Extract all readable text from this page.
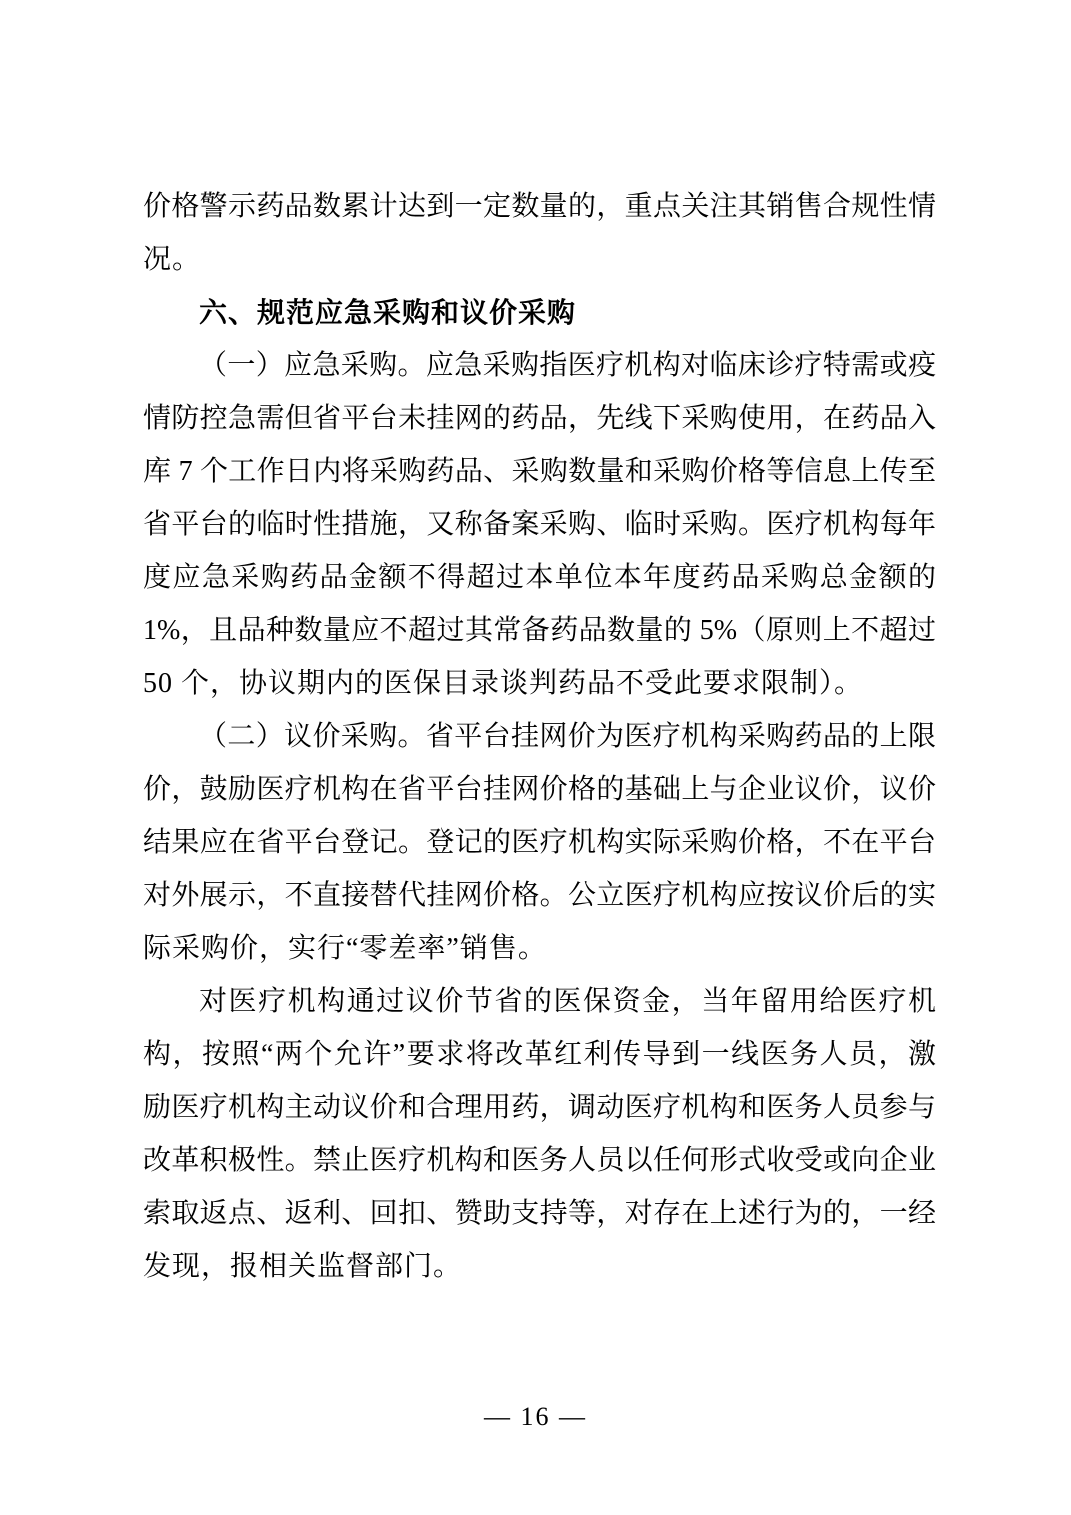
价格警示药品数累计达到一定数量的，重点关注其销售合规性情
况。
六、规范应急采购和议价采购
（一）应急采购。应急采购指医疗机构对临床诊疗特需或疫
情防控急需但省平台未挂网的药品，先线下采购使用，在药品入
库 7 个工作日内将采购药品、采购数量和采购价格等信息上传至
省平台的临时性措施，又称备案采购、临时采购。医疗机构每年
度应急采购药品金额不得超过本单位本年度药品采购总金额的
1%，且品种数量应不超过其常备药品数量的 5%（原则上不超过
50 个，协议期内的医保目录谈判药品不受此要求限制）。
（二）议价采购。省平台挂网价为医疗机构采购药品的上限
价，鼓励医疗机构在省平台挂网价格的基础上与企业议价，议价
结果应在省平台登记。登记的医疗机构实际采购价格，不在平台
对外展示，不直接替代挂网价格。公立医疗机构应按议价后的实
际采购价，实行“零差率”销售。
对医疗机构通过议价节省的医保资金，当年留用给医疗机
构，按照“两个允许”要求将改革红利传导到一线医务人员，激
励医疗机构主动议价和合理用药，调动医疗机构和医务人员参与
改革积极性。禁止医疗机构和医务人员以任何形式收受或向企业
索取返点、返利、回扣、赞助支持等，对存在上述行为的，一经
发现，报相关监督部门。
— 16 —
